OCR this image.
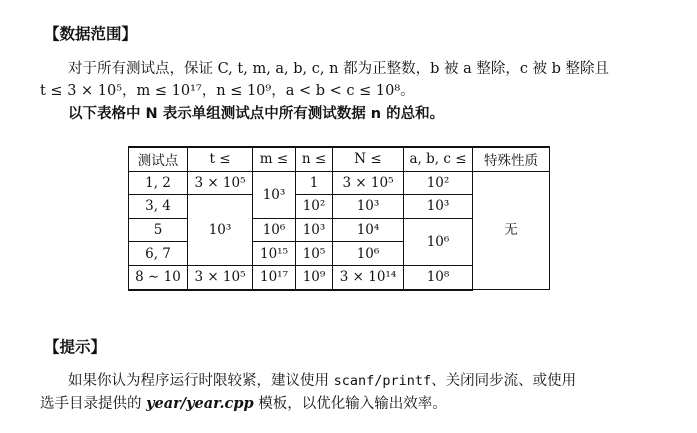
【数据范围】
对于所有测试点，保证 C, t, m, a, b, c, n 都为正整数，b 被 a 整除，c 被 b 整除且
t ≤ 3 × 10⁵，m ≤ 10¹⁷，n ≤ 10⁹，a < b < c ≤ 10⁸。
以下表格中 N 表示单组测试点中所有测试数据 n 的总和。
测试点	t ≤	m ≤	n ≤	N ≤	a, b, c ≤	特殊性质
1, 2	3 × 10⁵	10³	1	3 × 10⁵	10²	无
3, 4	10³		10²	10³	10³	
5		10⁶	10³	10⁴	10⁶	
6, 7		10¹⁵	10⁵	10⁶		
8 ∼ 10	3 × 10⁵	10¹⁷	10⁹	3 × 10¹⁴	10⁸	
【提示】
如果你认为程序运行时限较紧，建议使用 scanf/printf、关闭同步流、或使用
选手目录提供的 year/year.cpp 模板，以优化输入输出效率。
